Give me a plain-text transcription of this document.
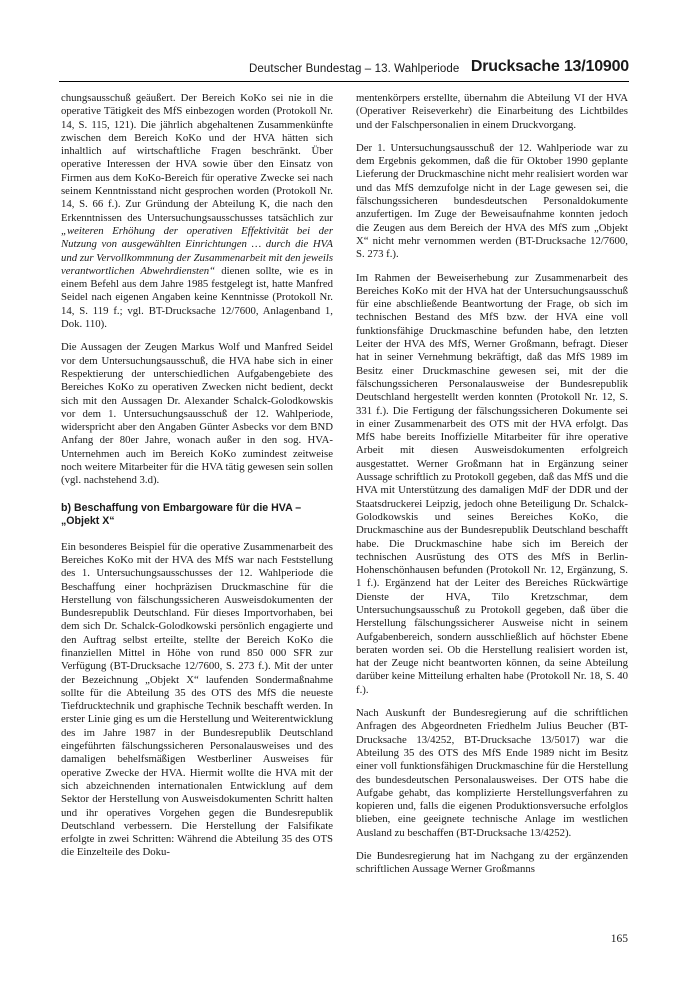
Deutscher Bundestag – 13. Wahlperiode Drucksache 13/10900

chungsausschuß geäußert. Der Bereich KoKo sei nie in die operative Tätigkeit des MfS einbezogen worden (Protokoll Nr. 14, S. 115, 121). Die jährlich abgehaltenen Zusammenkünfte zwischen dem Bereich KoKo und der HVA hätten sich inhaltlich auf wirtschaftliche Fragen beschränkt. Über operative Interessen der HVA sowie über den Einsatz von Firmen aus dem KoKo-Bereich für operative Zwecke sei nach seinem Kenntnisstand nicht gesprochen worden (Protokoll Nr. 14, S. 66 f.). Zur Gründung der Abteilung K, die nach den Erkenntnissen des Untersuchungsausschusses tatsächlich zur „weiteren Erhöhung der operativen Effektivität bei der Nutzung von ausgewählten Einrichtungen … durch die HVA und zur Vervollkommnung der Zusammenarbeit mit den jeweils verantwortlichen Abwehrdiensten“ dienen sollte, wie es in einem Befehl aus dem Jahre 1985 festgelegt ist, hatte Manfred Seidel nach eigenen Angaben keine Kenntnisse (Protokoll Nr. 14, S. 119 f.; vgl. BT-Drucksache 12/7600, Anlagenband 1, Dok. 110).

Die Aussagen der Zeugen Markus Wolf und Manfred Seidel vor dem Untersuchungsausschuß, die HVA habe sich in einer Respektierung der unterschiedlichen Aufgabengebiete des Bereiches KoKo zu operativen Zwecken nicht bedient, deckt sich mit den Aussagen Dr. Alexander Schalck-Golodkowskis vor dem 1. Untersuchungsausschuß der 12. Wahlperiode, widerspricht aber den Angaben Günter Asbecks vor dem BND Anfang der 80er Jahre, wonach außer in den sog. HVA-Unternehmen auch im Bereich KoKo zumindest zeitweise noch weitere Mitarbeiter für die HVA tätig gewesen sein sollen (vgl. nachstehend 3.d).

b) Beschaffung von Embargoware für die HVA – „Objekt X“

Ein besonderes Beispiel für die operative Zusammenarbeit des Bereiches KoKo mit der HVA des MfS war nach Feststellung des 1. Untersuchungsausschusses der 12. Wahlperiode die Beschaffung einer hochpräzisen Druckmaschine für die Herstellung von fälschungssicheren Ausweisdokumenten der Bundesrepublik Deutschland. Für dieses Importvorhaben, bei dem sich Dr. Schalck-Golodkowski persönlich engagierte und den Auftrag selbst erteilte, stellte der Bereich KoKo die finanziellen Mittel in Höhe von rund 850 000 SFR zur Verfügung (BT-Drucksache 12/7600, S. 273 f.). Mit der unter der Bezeichnung „Objekt X“ laufenden Sondermaßnahme sollte für die Abteilung 35 des OTS des MfS die neueste Tiefdrucktechnik und graphische Technik beschafft werden. In erster Linie ging es um die Herstellung und Weiterentwicklung des im Jahre 1987 in der Bundesrepublik Deutschland eingeführten fälschungssicheren Personalausweises und des damaligen behelfsmäßigen Westberliner Ausweises für operative Zwecke der HVA. Hiermit wollte die HVA mit der sich abzeichnenden internationalen Entwicklung auf dem Sektor der Herstellung von Ausweisdokumenten Schritt halten und ihr operatives Vorgehen gegen die Bundesrepublik Deutschland verbessern. Die Herstellung der Falsifikate erfolgte in zwei Schritten: Während die Abteilung 35 des OTS die Einzelteile des Doku-

mentenkörpers erstellte, übernahm die Abteilung VI der HVA (Operativer Reiseverkehr) die Einarbeitung des Lichtbildes und der Falschpersonalien in einem Druckvorgang.

Der 1. Untersuchungsausschuß der 12. Wahlperiode war zu dem Ergebnis gekommen, daß die für Oktober 1990 geplante Lieferung der Druckmaschine nicht mehr realisiert worden war und das MfS demzufolge nicht in der Lage gewesen sei, die fälschungssicheren bundesdeutschen Personaldokumente anzufertigen. Im Zuge der Beweisaufnahme konnten jedoch die Zeugen aus dem Bereich der HVA des MfS zum „Objekt X“ nicht mehr vernommen werden (BT-Drucksache 12/7600, S. 273 f.).

Im Rahmen der Beweiserhebung zur Zusammenarbeit des Bereiches KoKo mit der HVA hat der Untersuchungsausschuß für eine abschließende Beantwortung der Frage, ob sich im technischen Bestand des MfS bzw. der HVA eine voll funktionsfähige Druckmaschine befunden habe, den letzten Leiter der HVA des MfS, Werner Großmann, befragt. Dieser hat in seiner Vernehmung bekräftigt, daß das MfS 1989 im Besitz einer Druckmaschine gewesen sei, mit der die fälschungssicheren Personalausweise der Bundesrepublik Deutschland hergestellt werden konnten (Protokoll Nr. 12, S. 331 f.). Die Fertigung der fälschungssicheren Dokumente sei in einer Zusammenarbeit des OTS mit der HVA erfolgt. Das MfS habe bereits Inoffizielle Mitarbeiter für ihre operative Arbeit mit diesen Ausweisdokumenten erfolgreich ausgestattet. Werner Großmann hat in Ergänzung seiner Aussage schriftlich zu Protokoll gegeben, daß das MfS und die HVA mit Unterstützung des damaligen MdF der DDR und der Staatsdruckerei Leipzig, jedoch ohne Beteiligung Dr. Schalck-Golodkowskis und seines Bereiches KoKo, die Druckmaschine aus der Bundesrepublik Deutschland beschafft habe. Die Druckmaschine habe sich im Bereich der technischen Ausrüstung des OTS des MfS in Berlin-Hohenschönhausen befunden (Protokoll Nr. 12, Ergänzung, S. 1 f.). Ergänzend hat der Leiter des Bereiches Rückwärtige Dienste der HVA, Tilo Kretzschmar, dem Untersuchungsausschuß zu Protokoll gegeben, daß über die Herstellung fälschungssicherer Ausweise nicht in seinem Aufgabenbereich, sondern ausschließlich auf höchster Ebene beraten worden sei. Ob die Herstellung realisiert worden ist, hat der Zeuge nicht beantworten können, da seine Abteilung darüber keine Mitteilung erhalten habe (Protokoll Nr. 18, S. 40 f.).

Nach Auskunft der Bundesregierung auf die schriftlichen Anfragen des Abgeordneten Friedhelm Julius Beucher (BT-Drucksache 13/4252, BT-Drucksache 13/5017) war die Abteilung 35 des OTS des MfS Ende 1989 nicht im Besitz einer voll funktionsfähigen Druckmaschine für die Herstellung des bundesdeutschen Personalausweises. Der OTS habe die Aufgabe gehabt, das komplizierte Herstellungsverfahren zu kopieren und, falls die eigenen Produktionsversuche erfolglos blieben, eine geeignete technische Anlage im westlichen Ausland zu beschaffen (BT-Drucksache 13/4252).

Die Bundesregierung hat im Nachgang zu der ergänzenden schriftlichen Aussage Werner Großmanns

165
